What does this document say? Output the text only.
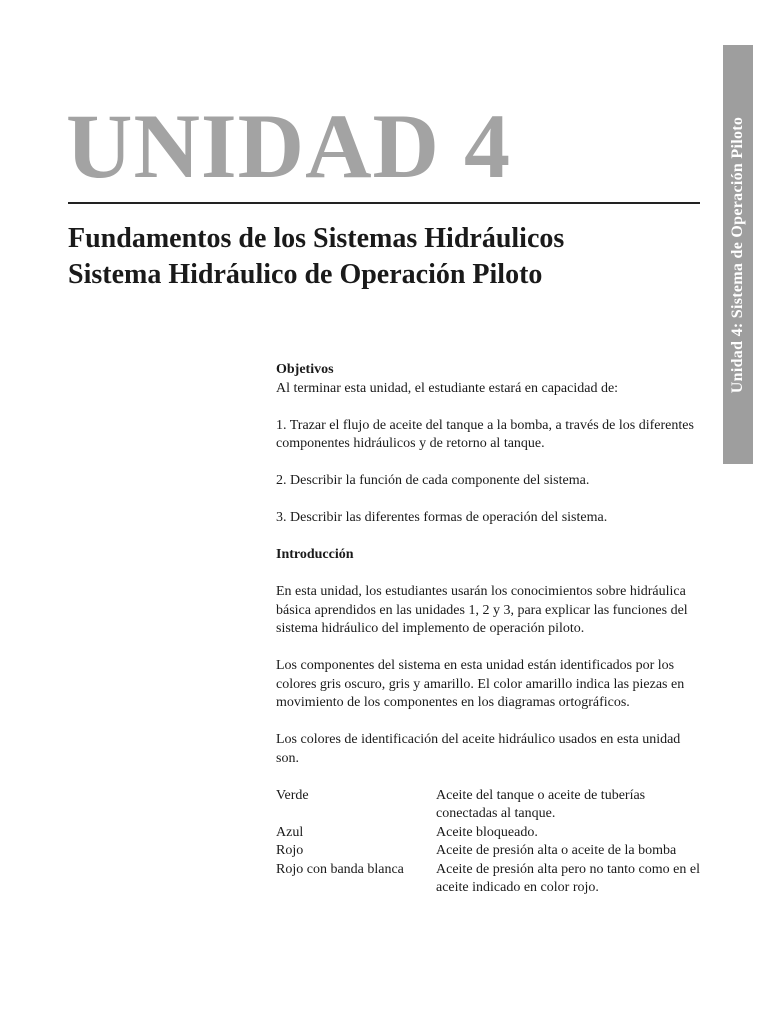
UNIDAD 4
Fundamentos de los Sistemas Hidráulicos
Sistema Hidráulico de Operación Piloto	Unidad 4: Sistema de Operación Piloto

Objetivos

Al terminar esta unidad, el estudiante estará en capacidad de:

1. Trazar el flujo de aceite del tanque a la bomba, a través de los diferentes componentes hidráulicos y de retorno al tanque.

2. Describir la función de cada componente del sistema.

3. Describir las diferentes formas de operación del sistema.

Introducción

En esta unidad, los estudiantes usarán los conocimientos sobre hidráulica básica aprendidos en las unidades 1, 2 y 3, para explicar las funciones del sistema hidráulico del implemento de operación piloto.

Los componentes del sistema en esta unidad están identificados por los colores gris oscuro, gris y amarillo. El color amarillo indica las piezas en movimiento de los componentes en los diagramas ortográficos.

Los colores de identificación del aceite hidráulico usados en esta unidad son.

Verde	Aceite del tanque o aceite de tuberías conectadas al tanque.
Azul	Aceite bloqueado.
Rojo	Aceite de presión alta o aceite de la bomba
Rojo con banda blanca	Aceite de presión alta pero no tanto como en el aceite indicado en color rojo.
